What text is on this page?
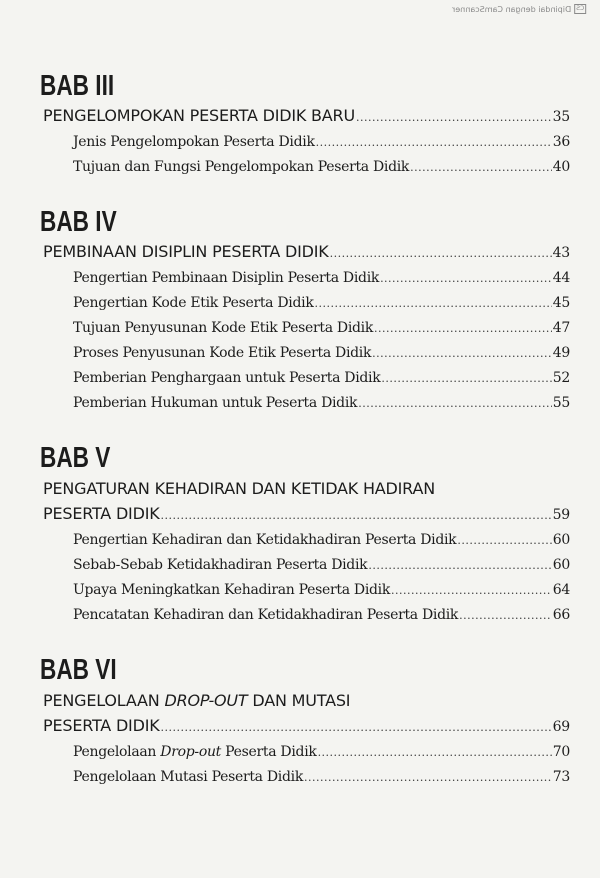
CS
Dipindai dengan CamScanner
BAB III
PENGELOMPOKAN PESERTA DIDIK BARU .....	35
Jenis Pengelompokan Peserta Didik .....	36
Tujuan dan Fungsi Pengelompokan Peserta Didik .....	40
BAB IV
PEMBINAAN DISIPLIN PESERTA DIDIK .....	43
Pengertian Pembinaan Disiplin Peserta Didik .....	44
Pengertian Kode Etik Peserta Didik .....	45
Tujuan Penyusunan Kode Etik Peserta Didik .....	47
Proses Penyusunan Kode Etik Peserta Didik .....	49
Pemberian Penghargaan untuk Peserta Didik .....	52
Pemberian Hukuman untuk Peserta Didik .....	55
BAB V
PENGATURAN KEHADIRAN DAN KETIDAK HADIRAN
PESERTA DIDIK .....	59
Pengertian Kehadiran dan Ketidakhadiran Peserta Didik .....	60
Sebab-Sebab Ketidakhadiran Peserta Didik .....	60
Upaya Meningkatkan Kehadiran Peserta Didik .....	64
Pencatatan Kehadiran dan Ketidakhadiran Peserta Didik .....	66
BAB VI
PENGELOLAAN DROP-OUT DAN MUTASI
PESERTA DIDIK .....	69
Pengelolaan Drop-out Peserta Didik .....	70
Pengelolaan Mutasi Peserta Didik .....	73
